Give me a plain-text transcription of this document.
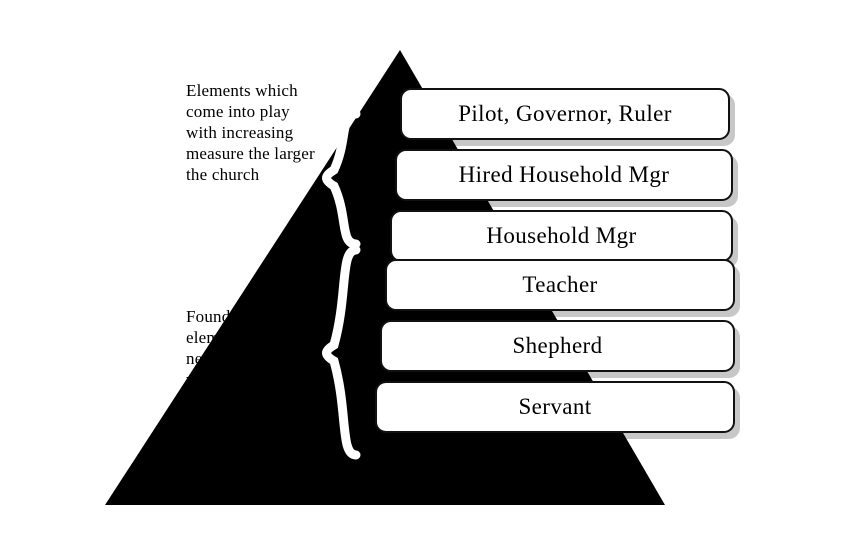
Elements which come into play with increasing measure the larger the church
Foundational elements which need to develop with the size of a church
Pilot, Governor, Ruler
Hired Household Mgr
Household Mgr
Teacher
Shepherd
Servant
